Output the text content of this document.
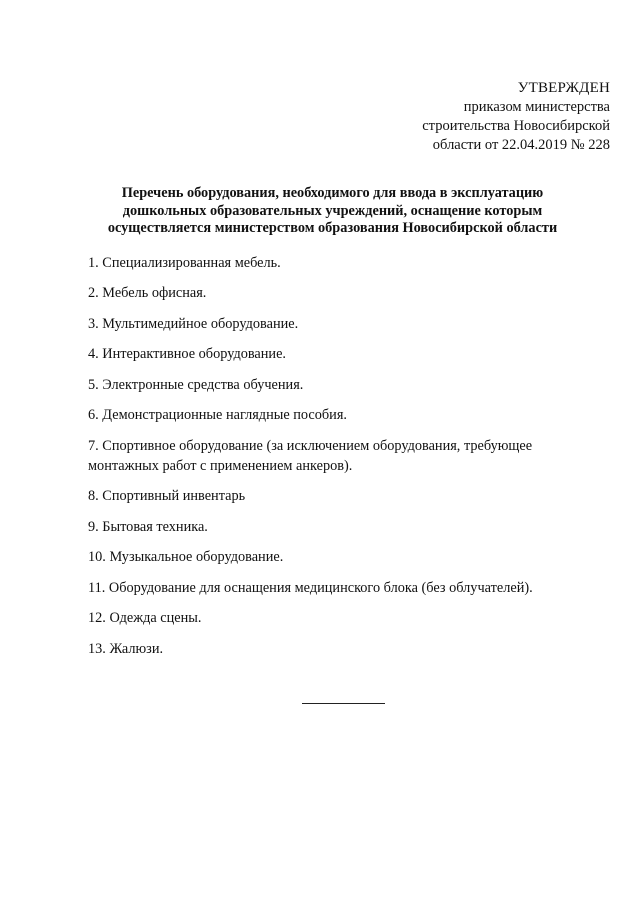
УТВЕРЖДЕН
приказом министерства
строительства Новосибирской
области от 22.04.2019 № 228
Перечень оборудования, необходимого для ввода в эксплуатацию
дошкольных образовательных учреждений, оснащение которым
осуществляется министерством образования Новосибирской области
1. Специализированная мебель.
2. Мебель офисная.
3. Мультимедийное оборудование.
4. Интерактивное оборудование.
5. Электронные средства обучения.
6. Демонстрационные наглядные пособия.
7. Спортивное оборудование (за исключением оборудования, требующее
монтажных работ с применением анкеров).
8. Спортивный инвентарь
9. Бытовая техника.
10. Музыкальное оборудование.
11. Оборудование для оснащения медицинского блока (без облучателей).
12. Одежда сцены.
13. Жалюзи.
